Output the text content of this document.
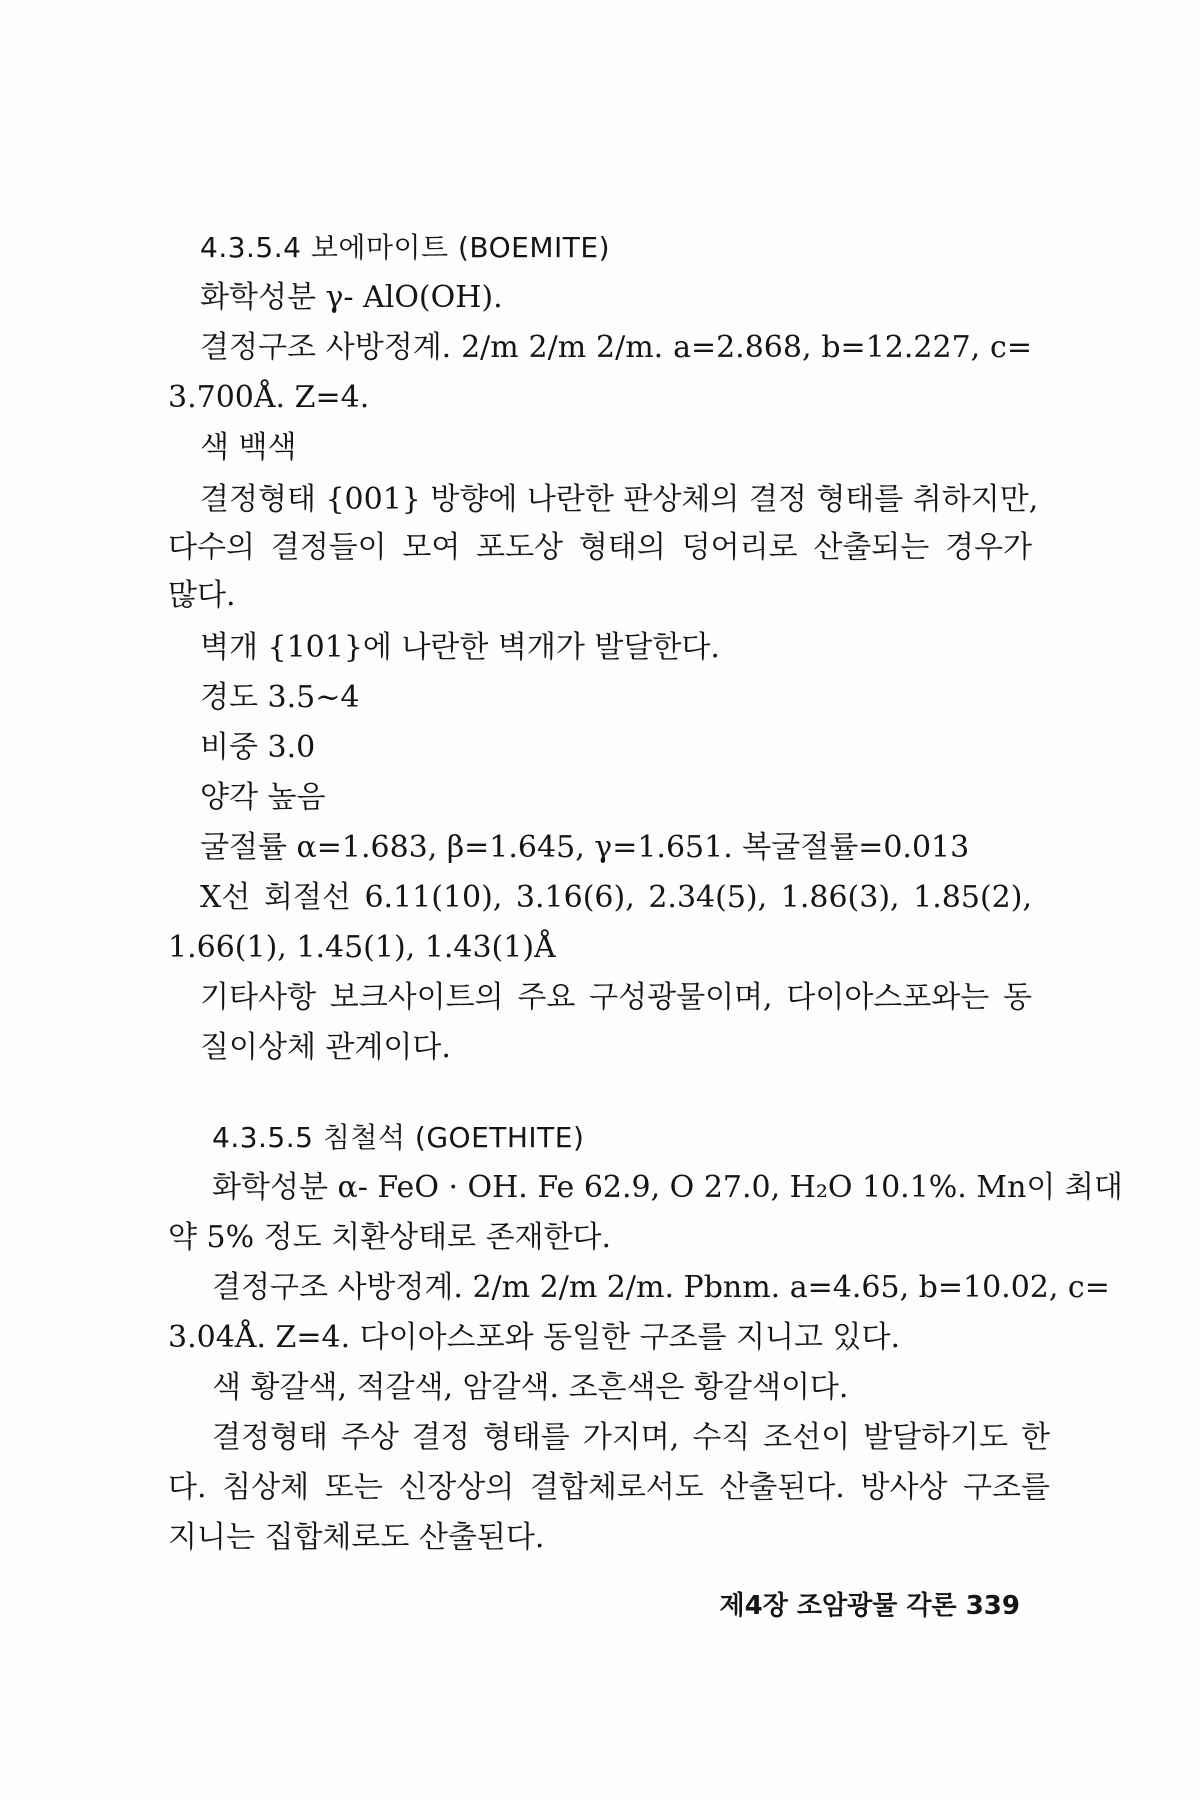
4.3.5.4 보에마이트 (BOEMITE)
화학성분 γ- AlO(OH).
결정구조 사방정계. 2/m 2/m 2/m. a=2.868, b=12.227, c=
3.700Å. Z=4.
색 백색
결정형태 {001} 방향에 나란한 판상체의 결정 형태를 취하지만,
다수의 결정들이 모여 포도상 형태의 덩어리로 산출되는 경우가
많다.
벽개 {101}에 나란한 벽개가 발달한다.
경도 3.5~4
비중 3.0
양각 높음
굴절률 α=1.683, β=1.645, γ=1.651. 복굴절률=0.013
X선 회절선 6.11(10), 3.16(6), 2.34(5), 1.86(3), 1.85(2),
1.66(1), 1.45(1), 1.43(1)Å
기타사항 보크사이트의 주요 구성광물이며, 다이아스포와는 동
질이상체 관계이다.
4.3.5.5 침철석 (GOETHITE)
화학성분 α- FeO · OH. Fe 62.9, O 27.0, H₂O 10.1%. Mn이 최대
약 5% 정도 치환상태로 존재한다.
결정구조 사방정계. 2/m 2/m 2/m. Pbnm. a=4.65, b=10.02, c=
3.04Å. Z=4. 다이아스포와 동일한 구조를 지니고 있다.
색 황갈색, 적갈색, 암갈색. 조흔색은 황갈색이다.
결정형태 주상 결정 형태를 가지며, 수직 조선이 발달하기도 한
다. 침상체 또는 신장상의 결합체로서도 산출된다. 방사상 구조를
지니는 집합체로도 산출된다.
제4장 조암광물 각론 339
